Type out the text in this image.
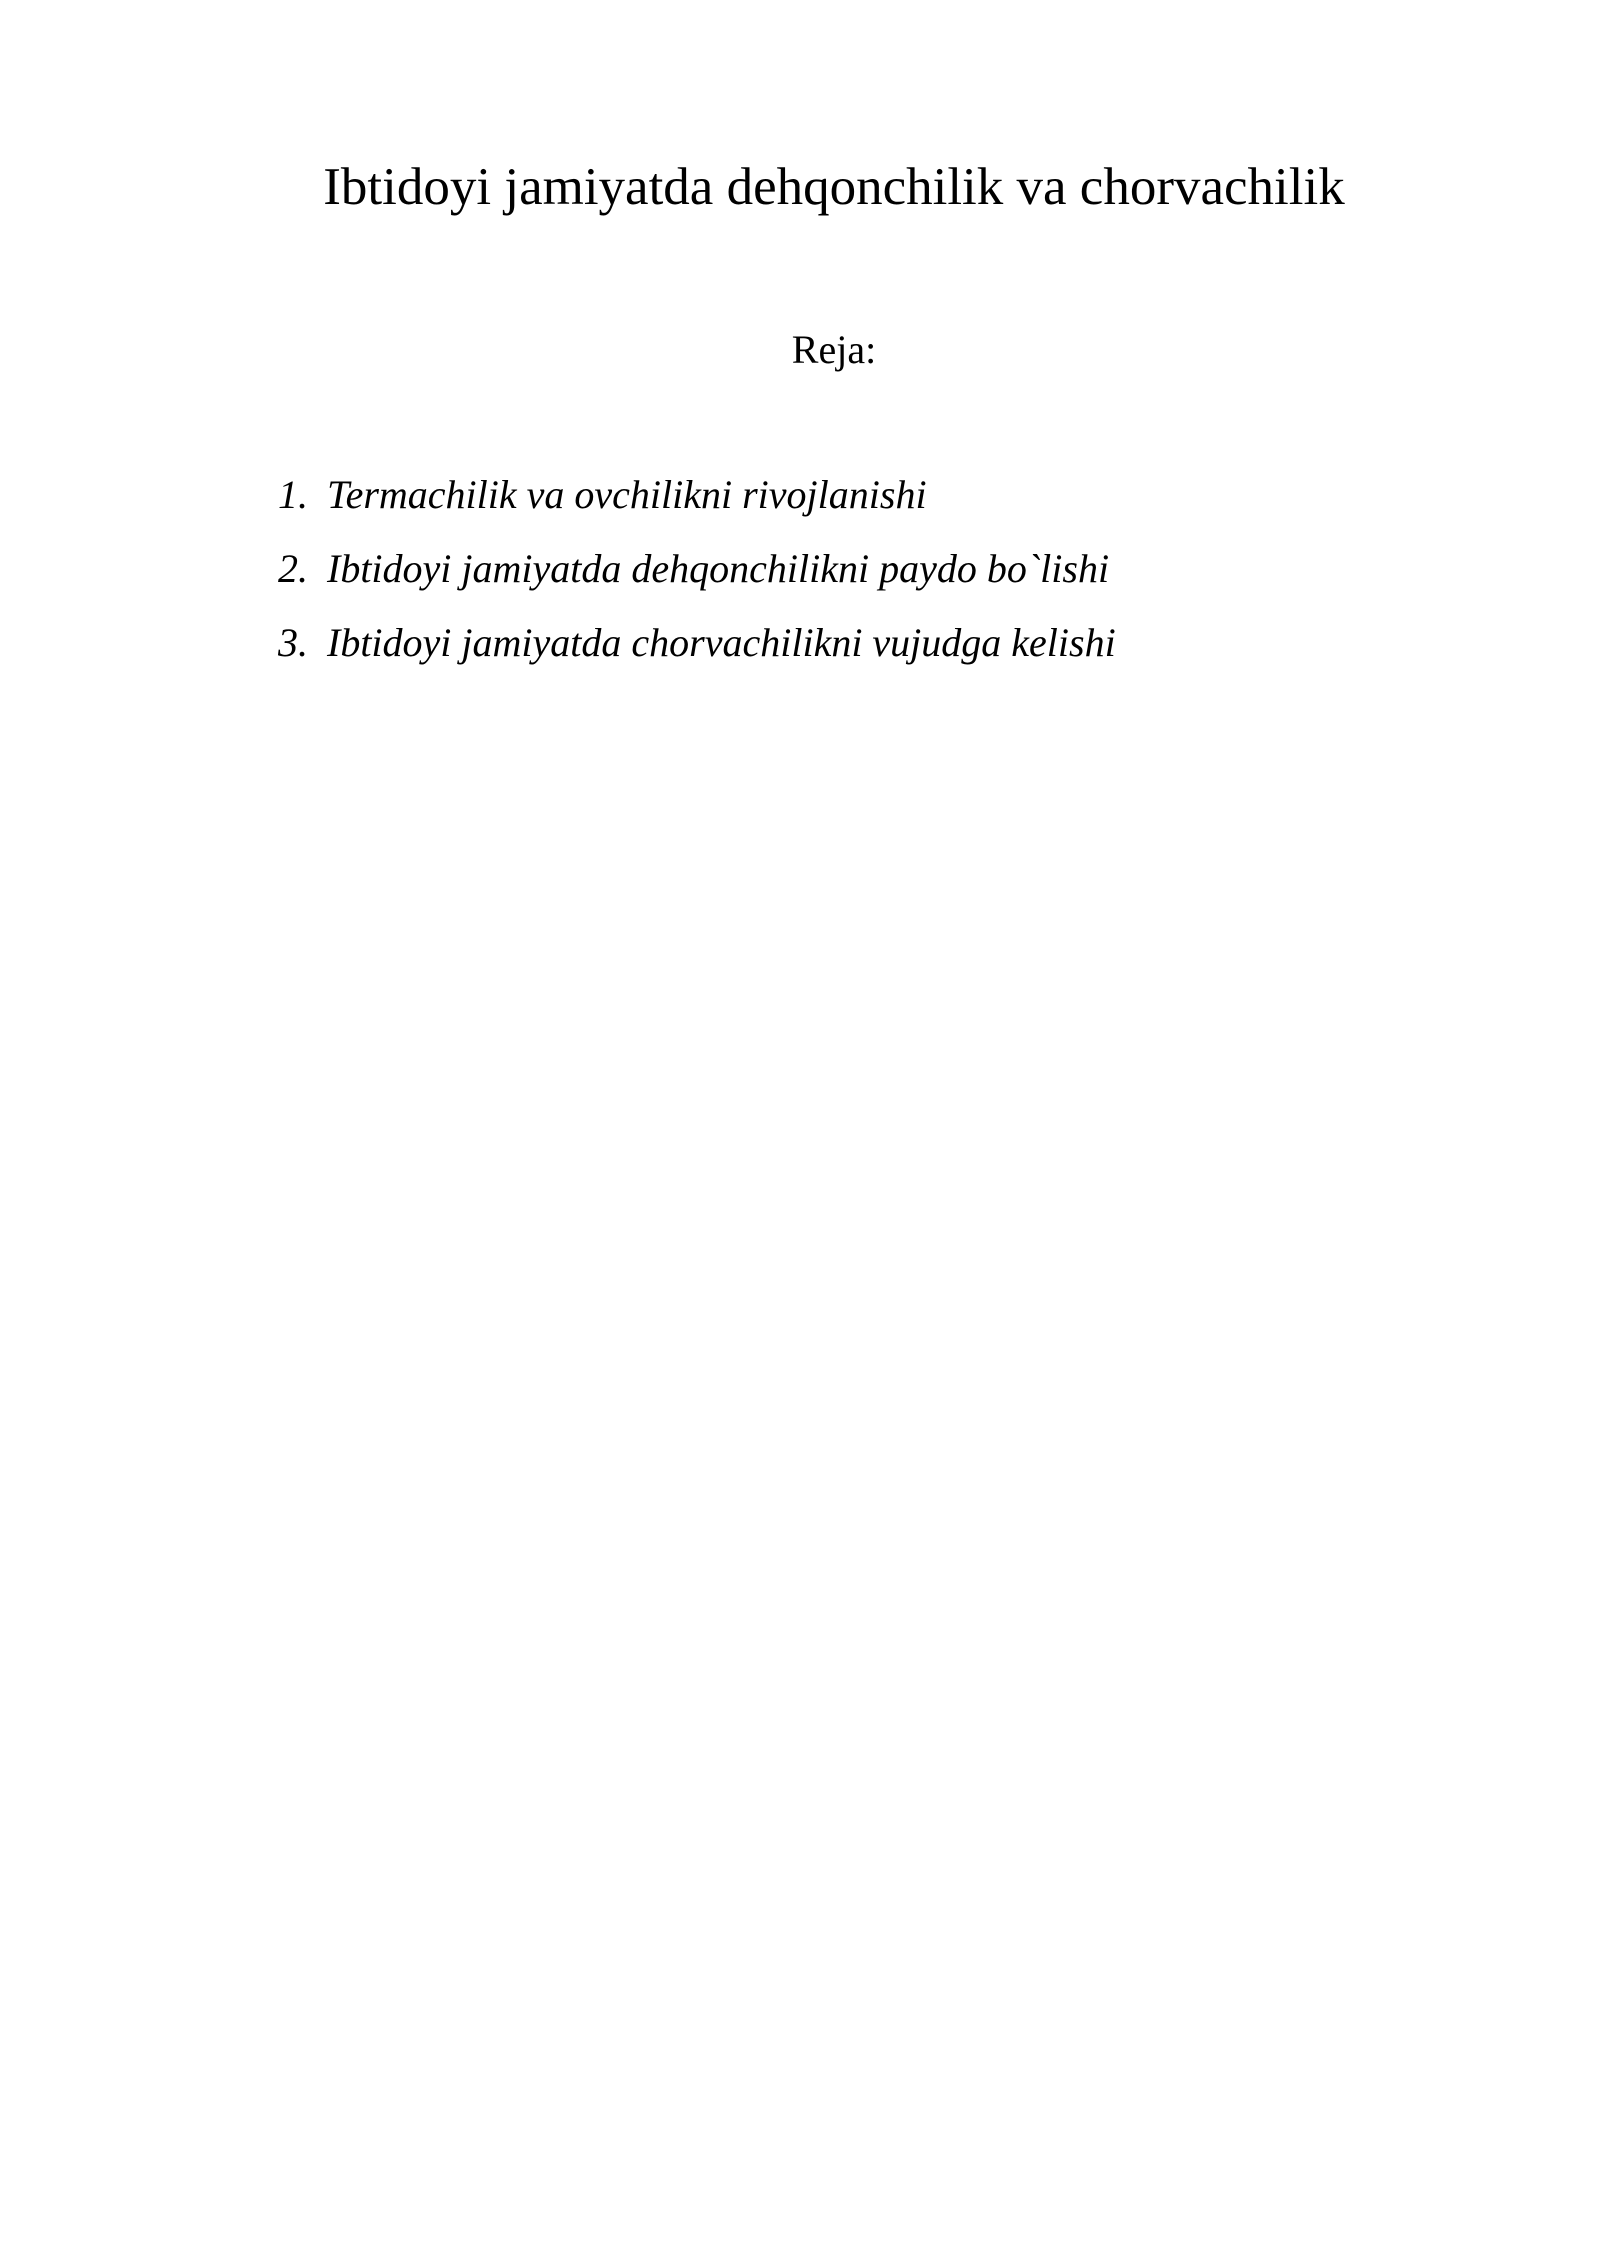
Ibtidoyi jamiyatda dehqonchilik va chorvachilik
Reja:
1. Termachilik va ovchilikni rivojlanishi
2. Ibtidoyi jamiyatda dehqonchilikni paydo bo`lishi
3. Ibtidoyi jamiyatda chorvachilikni vujudga kelishi
